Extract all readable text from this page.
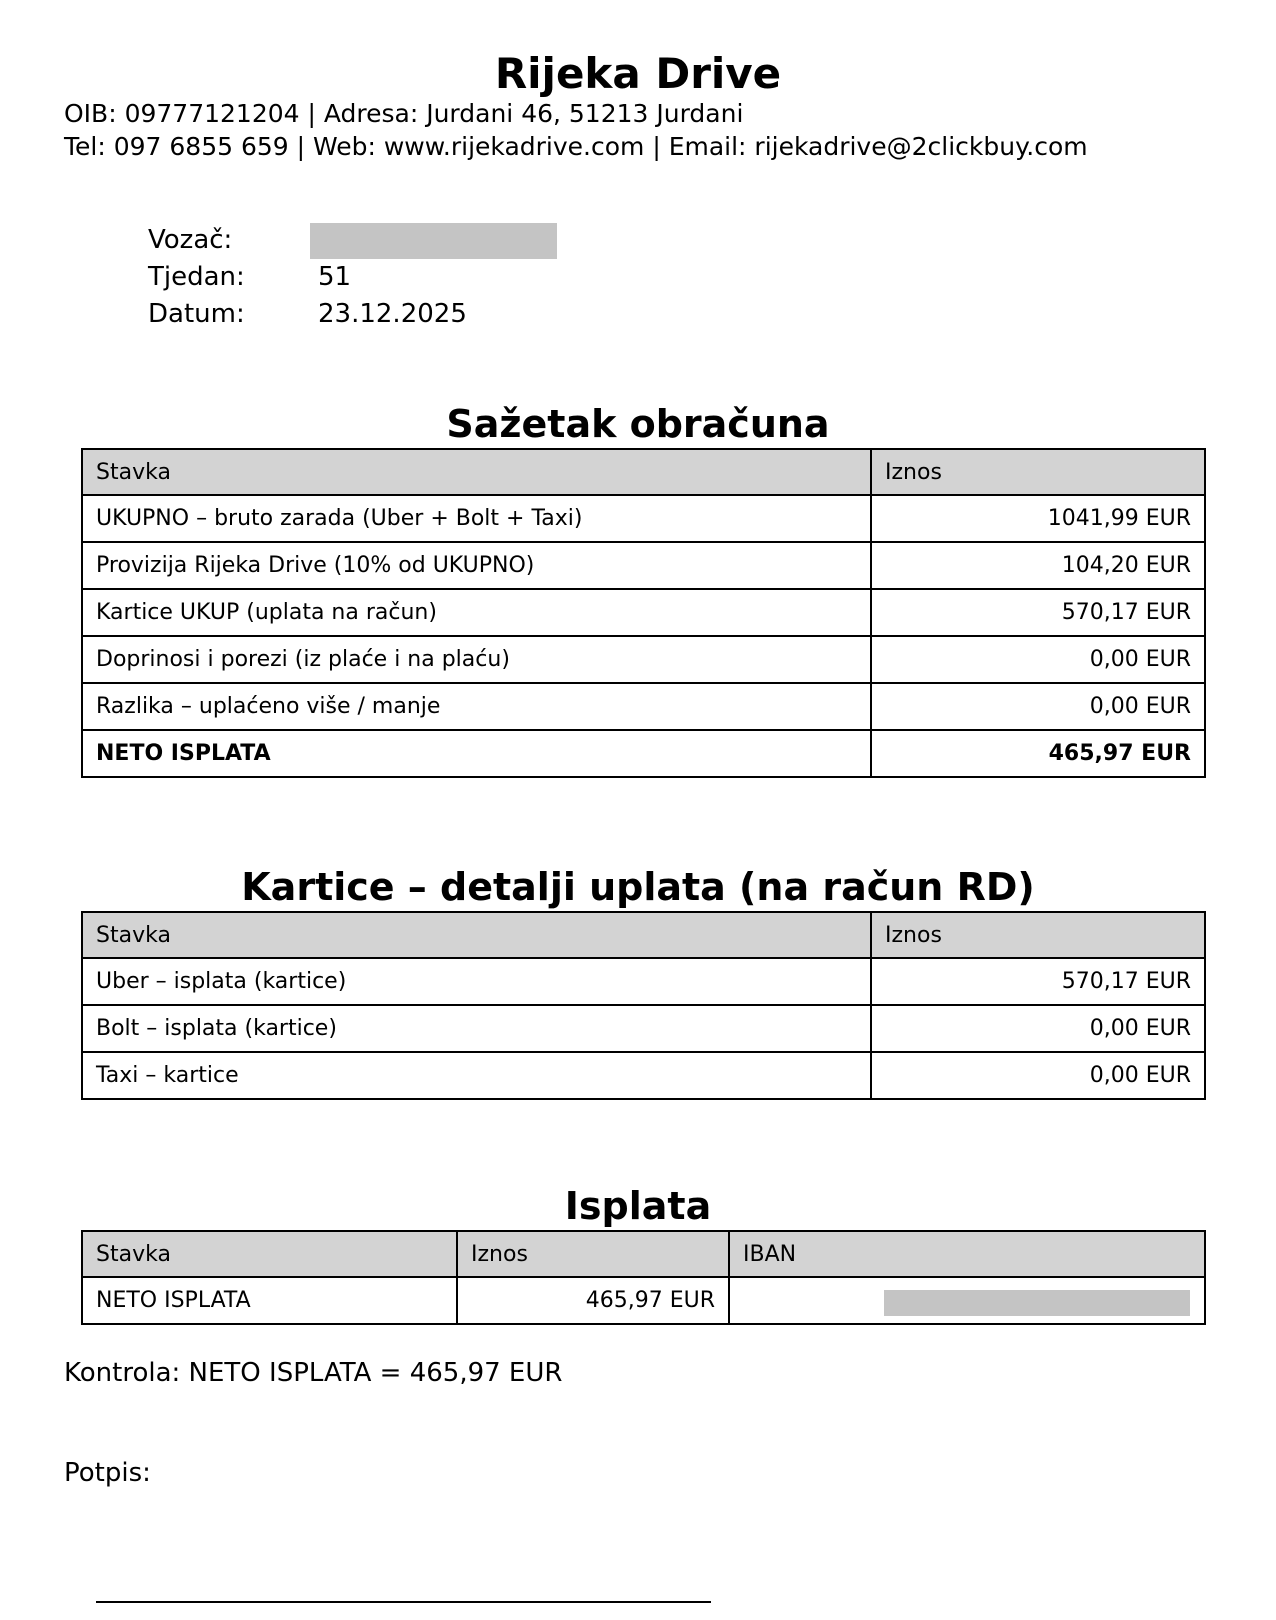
Rijeka Drive
OIB: 09777121204 | Adresa: Jurdani 46, 51213 Jurdani
Tel: 097 6855 659 | Web: www.rijekadrive.com | Email: rijekadrive@2clickbuy.com
Vozač:
Tjedan:	51
Datum:	23.12.2025
Sažetak obračuna
Stavka	Iznos
UKUPNO – bruto zarada (Uber + Bolt + Taxi)	1041,99 EUR
Provizija Rijeka Drive (10% od UKUPNO)	104,20 EUR
Kartice UKUP (uplata na račun)	570,17 EUR
Doprinosi i porezi (iz plaće i na plaću)	0,00 EUR
Razlika – uplaćeno više / manje	0,00 EUR
NETO ISPLATA	465,97 EUR
Kartice – detalji uplata (na račun RD)
Stavka	Iznos
Uber – isplata (kartice)	570,17 EUR
Bolt – isplata (kartice)	0,00 EUR
Taxi – kartice	0,00 EUR
Isplata
Stavka	Iznos	IBAN
NETO ISPLATA	465,97 EUR	
Kontrola: NETO ISPLATA = 465,97 EUR
Potpis:
